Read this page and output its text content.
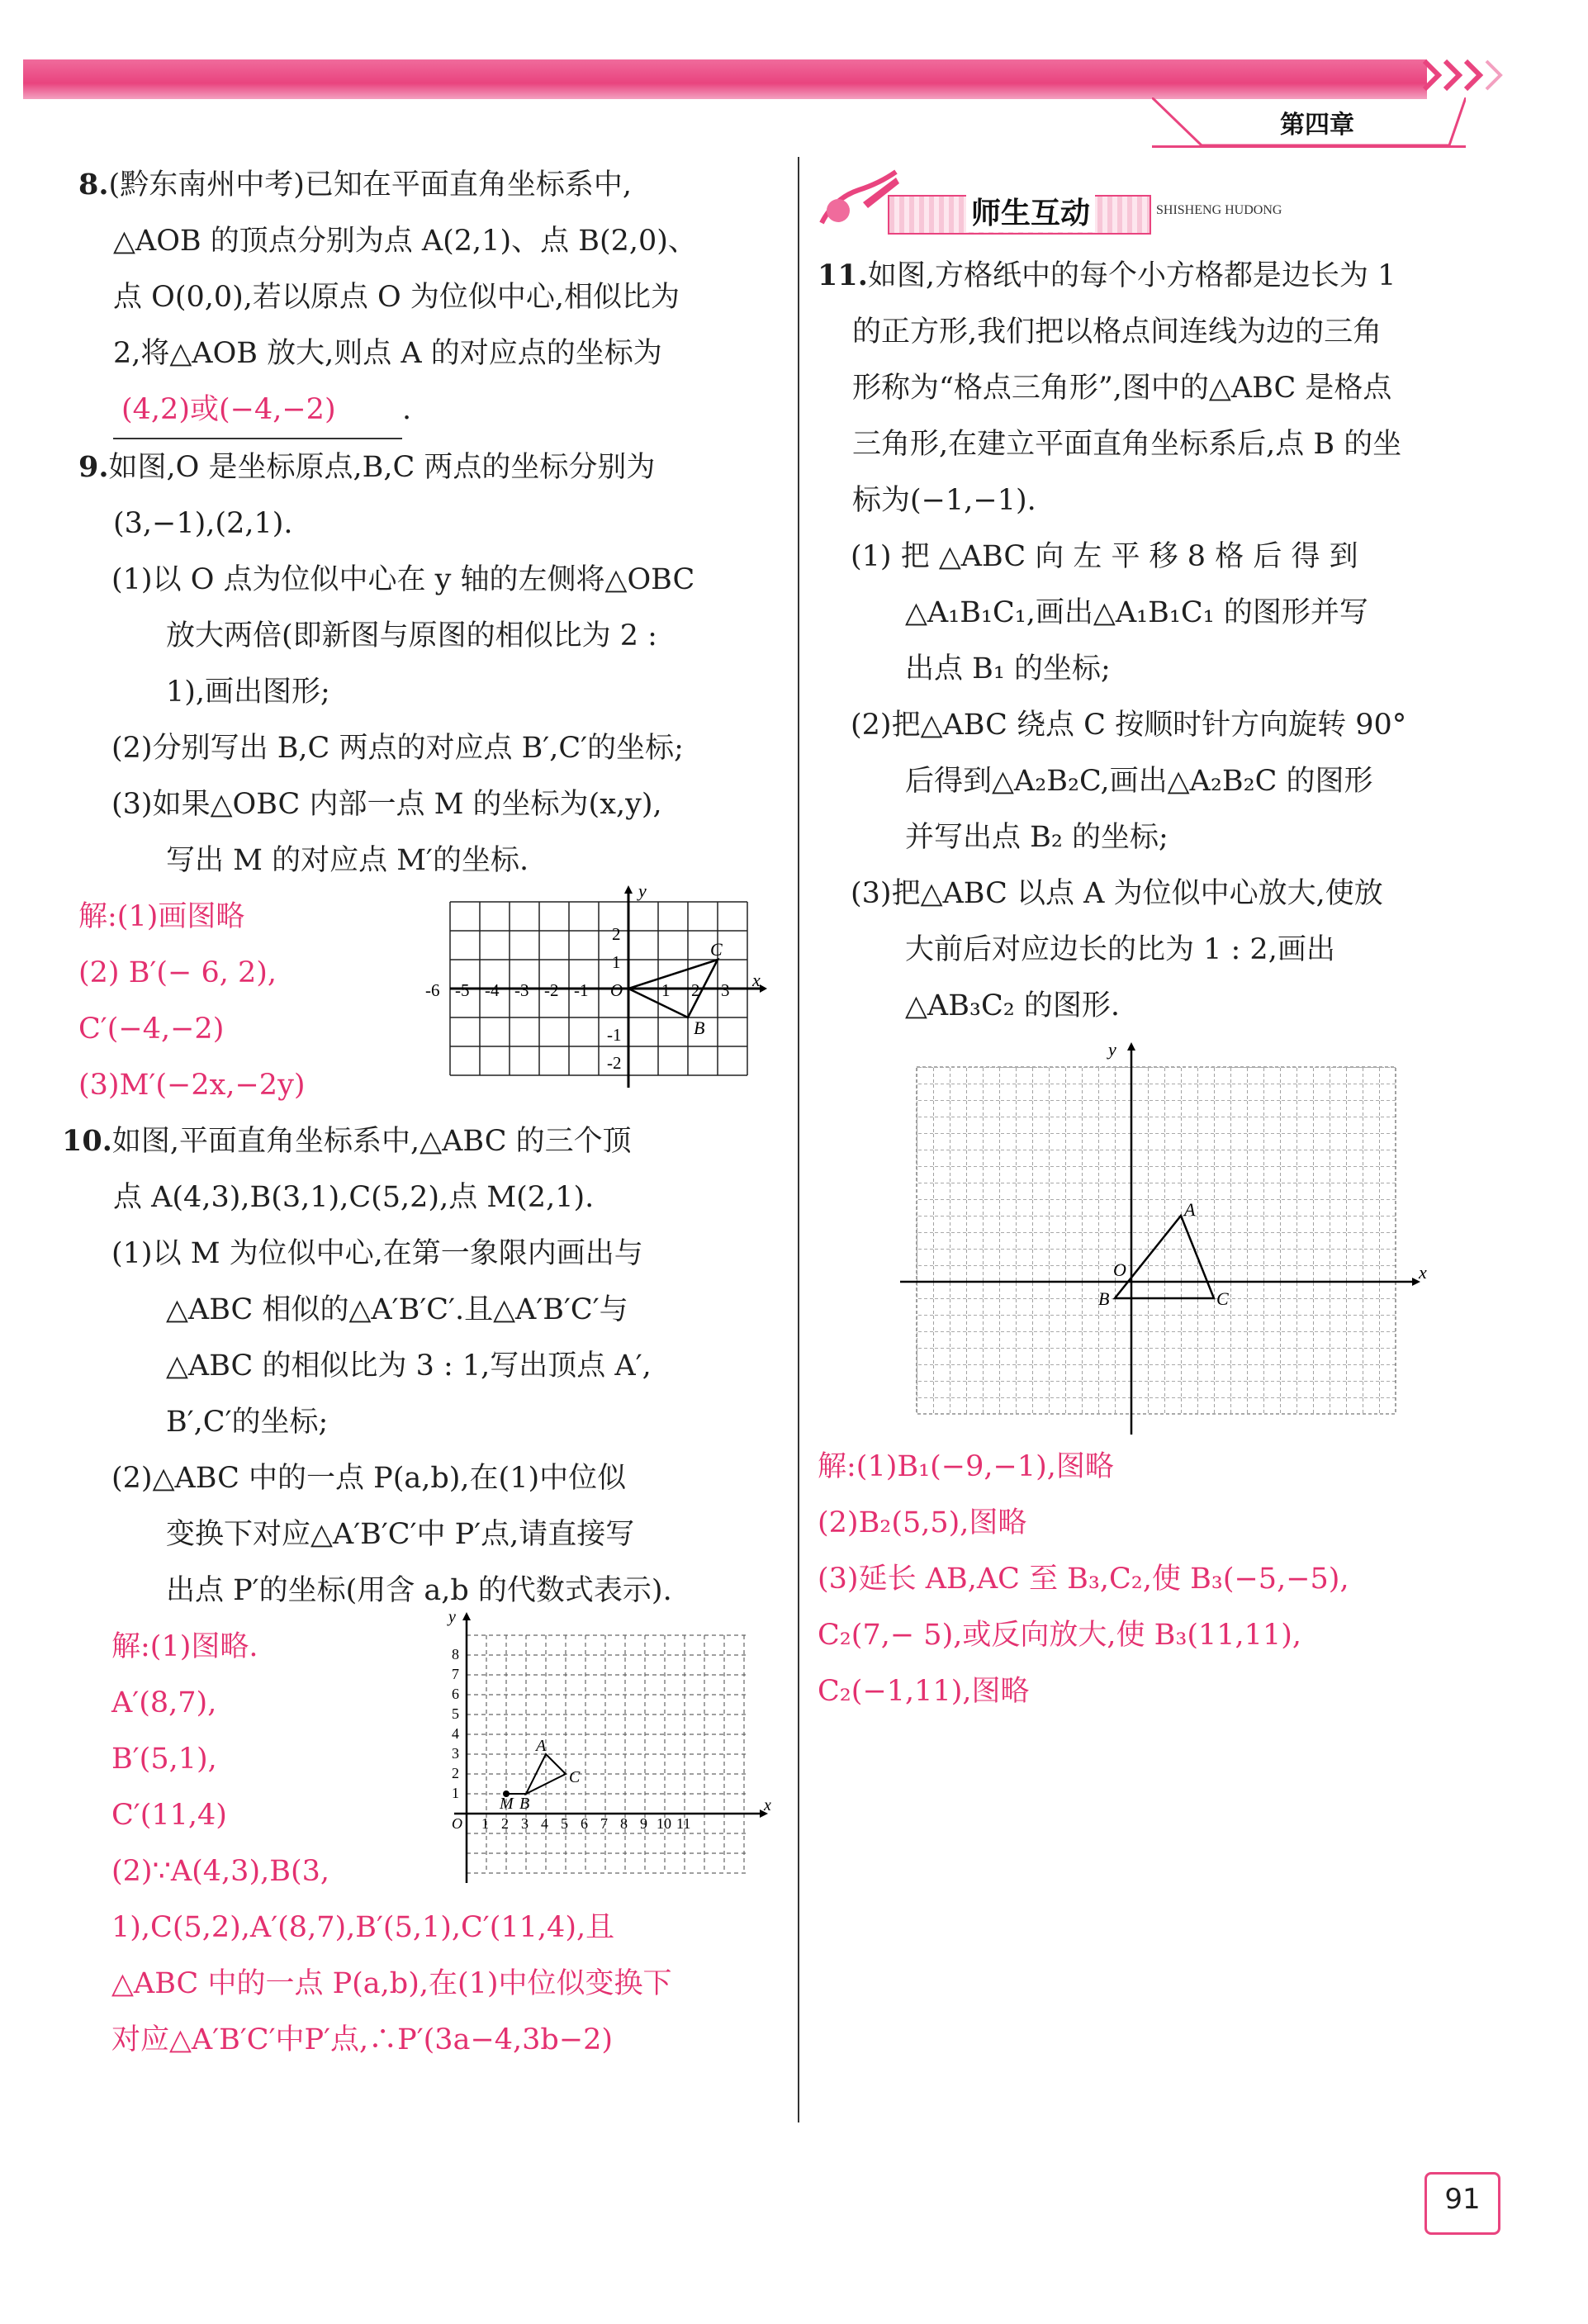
第四章
师生互动	SHISHENG HUDONG

8.(黔东南州中考)已知在平面直角坐标系中,

△AOB 的顶点分别为点 A(2,1)、点 B(2,0)、

点 O(0,0),若以原点 O 为位似中心,相似比为

2,将△AOB 放大,则点 A 的对应点的坐标为

(4,2)或(−4,−2) .

9.如图,O 是坐标原点,B,C 两点的坐标分别为

(3,−1),(2,1).

(1)以 O 点为位似中心在 y 轴的左侧将△OBC

放大两倍(即新图与原图的相似比为 2 :

1),画出图形;

(2)分别写出 B,C 两点的对应点 B′,C′的坐标;

(3)如果△OBC 内部一点 M 的坐标为(x,y),

写出 M 的对应点 M′的坐标.

解:(1)画图略

(2) B′(− 6, 2),

C′(−4,−2)

(3)M′(−2x,−2y)

y
x
C
B
-6 -5 -4 -3 -2 -1 O 1 2 3
2
1
-1
-2

10.如图,平面直角坐标系中,△ABC 的三个顶

点 A(4,3),B(3,1),C(5,2),点 M(2,1).

(1)以 M 为位似中心,在第一象限内画出与

△ABC 相似的△A′B′C′.且△A′B′C′与

△ABC 的相似比为 3 : 1,写出顶点 A′,

B′,C′的坐标;

(2)△ABC 中的一点 P(a,b),在(1)中位似

变换下对应△A′B′C′中 P′点,请直接写

出点 P′的坐标(用含 a,b 的代数式表示).

解:(1)图略.

A′(8,7),

B′(5,1),

C′(11,4)

(2)∵A(4,3),B(3,

1),C(5,2),A′(8,7),B′(5,1),C′(11,4),且

△ABC 中的一点 P(a,b),在(1)中位似变换下

对应△A′B′C′中P′点,∴P′(3a−4,3b−2)

y
x
A
B
C
M
1
2
3
4
5
6
7
8
O 1 2 3 4 5 6 7 8 9 10 11

11.如图,方格纸中的每个小方格都是边长为 1

的正方形,我们把以格点间连线为边的三角

形称为“格点三角形”,图中的△ABC 是格点

三角形,在建立平面直角坐标系后,点 B 的坐

标为(−1,−1).

(1) 把 △ABC 向 左 平 移 8 格 后 得 到

△A₁B₁C₁,画出△A₁B₁C₁ 的图形并写

出点 B₁ 的坐标;

(2)把△ABC 绕点 C 按顺时针方向旋转 90°

后得到△A₂B₂C,画出△A₂B₂C 的图形

并写出点 B₂ 的坐标;

(3)把△ABC 以点 A 为位似中心放大,使放

大前后对应边长的比为 1 : 2,画出

△AB₃C₂ 的图形.

y
x
A
B	C
O

解:(1)B₁(−9,−1),图略

(2)B₂(5,5),图略

(3)延长 AB,AC 至 B₃,C₂,使 B₃(−5,−5),

C₂(7,− 5),或反向放大,使 B₃(11,11),

C₂(−1,11),图略

91
